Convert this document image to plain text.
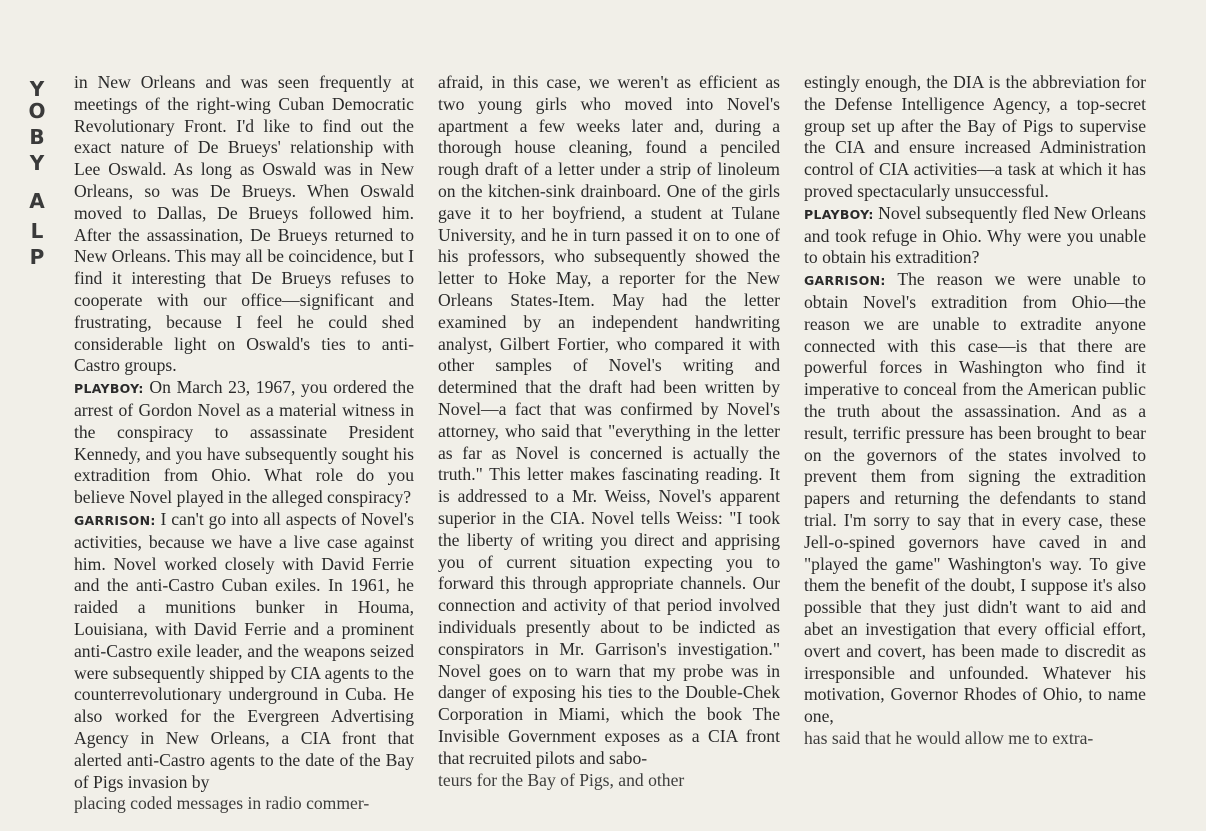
Y
O
B
Y
A
L
P

in New Orleans and was seen frequently at meetings of the right-wing Cuban Democratic Revolutionary Front. I'd like to find out the exact nature of De Brueys' relationship with Lee Oswald. As long as Oswald was in New Orleans, so was De Brueys. When Oswald moved to Dallas, De Brueys followed him. After the assassination, De Brueys returned to New Orleans. This may all be coincidence, but I find it interesting that De Brueys refuses to cooperate with our office—significant and frustrating, because I feel he could shed considerable light on Oswald's ties to anti-Castro groups.

PLAYBOY: On March 23, 1967, you ordered the arrest of Gordon Novel as a material witness in the conspiracy to assassinate President Kennedy, and you have subsequently sought his extradition from Ohio. What role do you believe Novel played in the alleged conspiracy?

GARRISON: I can't go into all aspects of Novel's activities, because we have a live case against him. Novel worked closely with David Ferrie and the anti-Castro Cuban exiles. In 1961, he raided a munitions bunker in Houma, Louisiana, with David Ferrie and a prominent anti-Castro exile leader, and the weapons seized were subsequently shipped by CIA agents to the counterrevolutionary underground in Cuba. He also worked for the Evergreen Advertising Agency in New Orleans, a CIA front that alerted anti-Castro agents to the date of the Bay of Pigs invasion by

placing coded messages in radio commer-

afraid, in this case, we weren't as efficient as two young girls who moved into Novel's apartment a few weeks later and, during a thorough house cleaning, found a penciled rough draft of a letter under a strip of linoleum on the kitchen-sink drainboard. One of the girls gave it to her boyfriend, a student at Tulane University, and he in turn passed it on to one of his professors, who subsequently showed the letter to Hoke May, a reporter for the New Orleans States-Item. May had the letter examined by an independent handwriting analyst, Gilbert Fortier, who compared it with other samples of Novel's writing and determined that the draft had been written by Novel—a fact that was confirmed by Novel's attorney, who said that "everything in the letter as far as Novel is concerned is actually the truth." This letter makes fascinating reading. It is addressed to a Mr. Weiss, Novel's apparent superior in the CIA. Novel tells Weiss: "I took the liberty of writing you direct and apprising you of current situation expecting you to forward this through appropriate channels. Our connection and activity of that period involved individuals presently about to be indicted as conspirators in Mr. Garrison's investigation." Novel goes on to warn that my probe was in danger of exposing his ties to the Double-Chek Corporation in Miami, which the book The Invisible Government exposes as a CIA front that recruited pilots and sabo-

teurs for the Bay of Pigs, and other

estingly enough, the DIA is the abbreviation for the Defense Intelligence Agency, a top-secret group set up after the Bay of Pigs to supervise the CIA and ensure increased Administration control of CIA activities—a task at which it has proved spectacularly unsuccessful.

PLAYBOY: Novel subsequently fled New Orleans and took refuge in Ohio. Why were you unable to obtain his extradition?

GARRISON: The reason we were unable to obtain Novel's extradition from Ohio—the reason we are unable to extradite anyone connected with this case—is that there are powerful forces in Washington who find it imperative to conceal from the American public the truth about the assassination. And as a result, terrific pressure has been brought to bear on the governors of the states involved to prevent them from signing the extradition papers and returning the defendants to stand trial. I'm sorry to say that in every case, these Jell-o-spined governors have caved in and "played the game" Washington's way. To give them the benefit of the doubt, I suppose it's also possible that they just didn't want to aid and abet an investigation that every official effort, overt and covert, has been made to discredit as irresponsible and unfounded. Whatever his motivation, Governor Rhodes of Ohio, to name one,

has said that he would allow me to extra-
